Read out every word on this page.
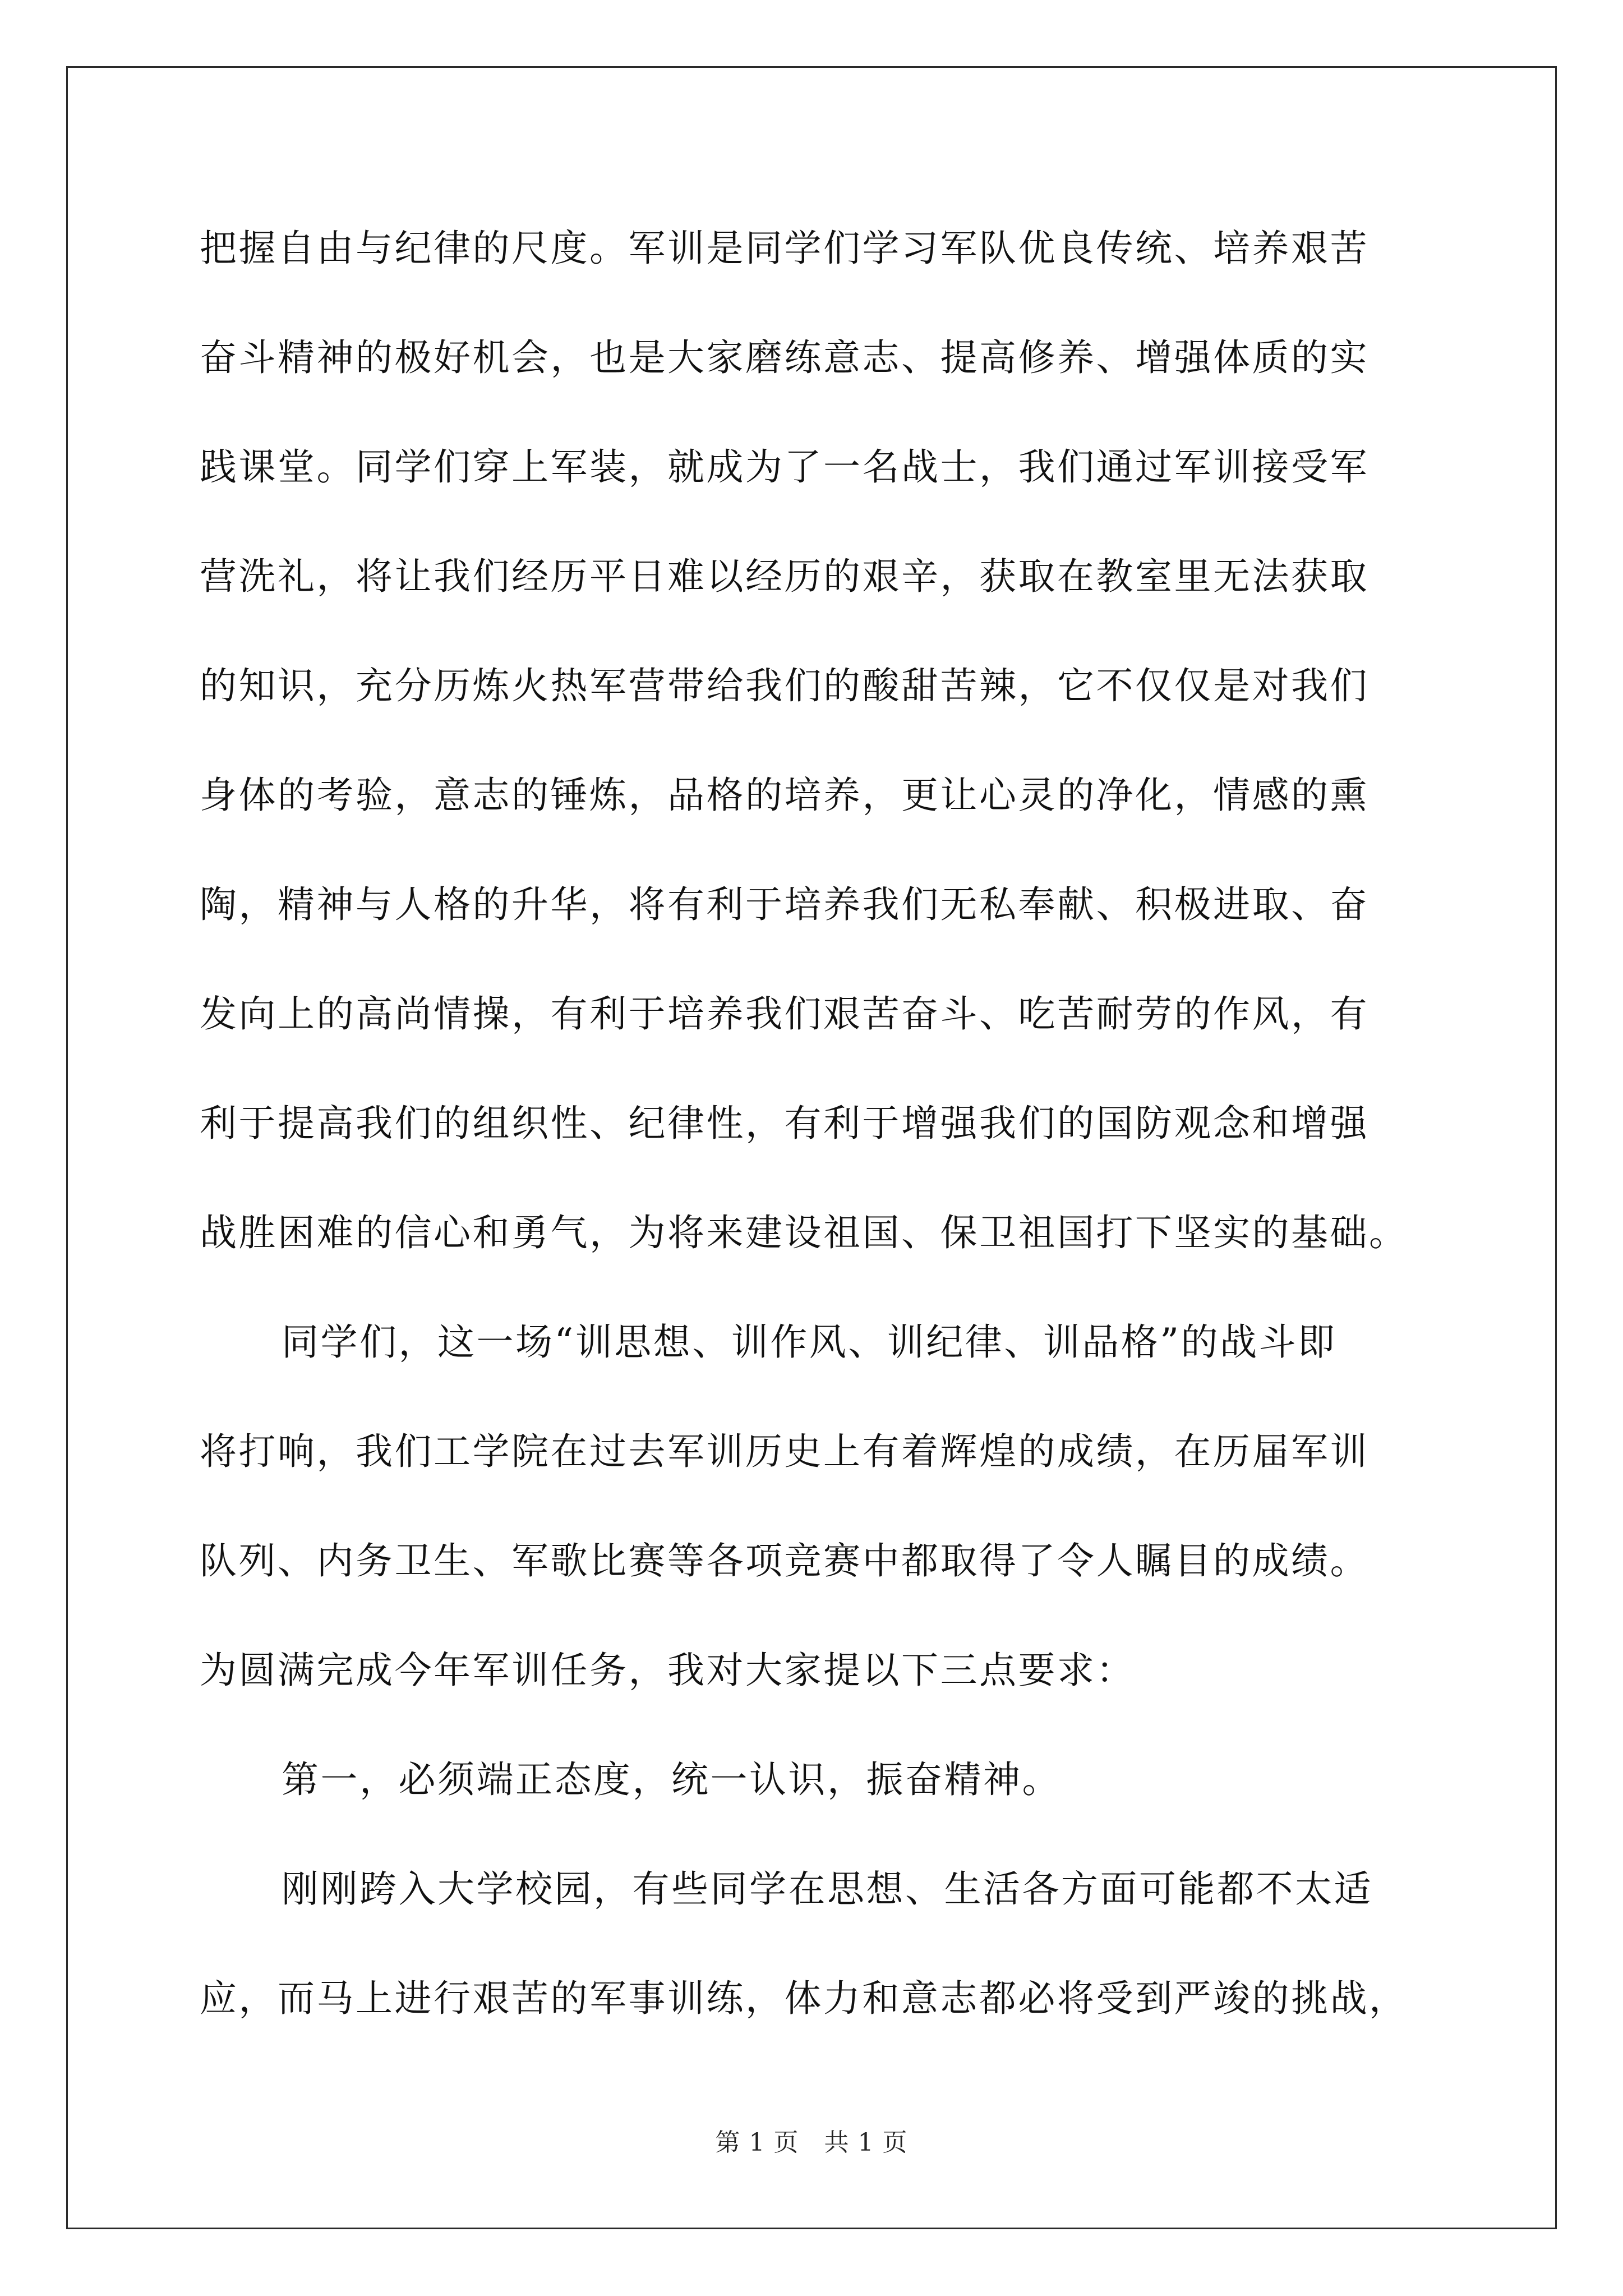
把握自由与纪律的尺度。军训是同学们学习军队优良传统、培养艰苦
奋斗精神的极好机会，也是大家磨练意志、提高修养、增强体质的实
践课堂。同学们穿上军装，就成为了一名战士，我们通过军训接受军
营洗礼，将让我们经历平日难以经历的艰辛，获取在教室里无法获取
的知识，充分历炼火热军营带给我们的酸甜苦辣，它不仅仅是对我们
身体的考验，意志的锤炼，品格的培养，更让心灵的净化，情感的熏
陶，精神与人格的升华，将有利于培养我们无私奉献、积极进取、奋
发向上的高尚情操，有利于培养我们艰苦奋斗、吃苦耐劳的作风，有
利于提高我们的组织性、纪律性，有利于增强我们的国防观念和增强
战胜困难的信心和勇气，为将来建设祖国、保卫祖国打下坚实的基础。
同学们，这一场“训思想、训作风、训纪律、训品格”的战斗即
将打响，我们工学院在过去军训历史上有着辉煌的成绩，在历届军训
队列、内务卫生、军歌比赛等各项竞赛中都取得了令人瞩目的成绩。
为圆满完成今年军训任务，我对大家提以下三点要求：
第一，必须端正态度，统一认识，振奋精神。
刚刚跨入大学校园，有些同学在思想、生活各方面可能都不太适
应，而马上进行艰苦的军事训练，体力和意志都必将受到严竣的挑战，
第 1 页　共 1 页
